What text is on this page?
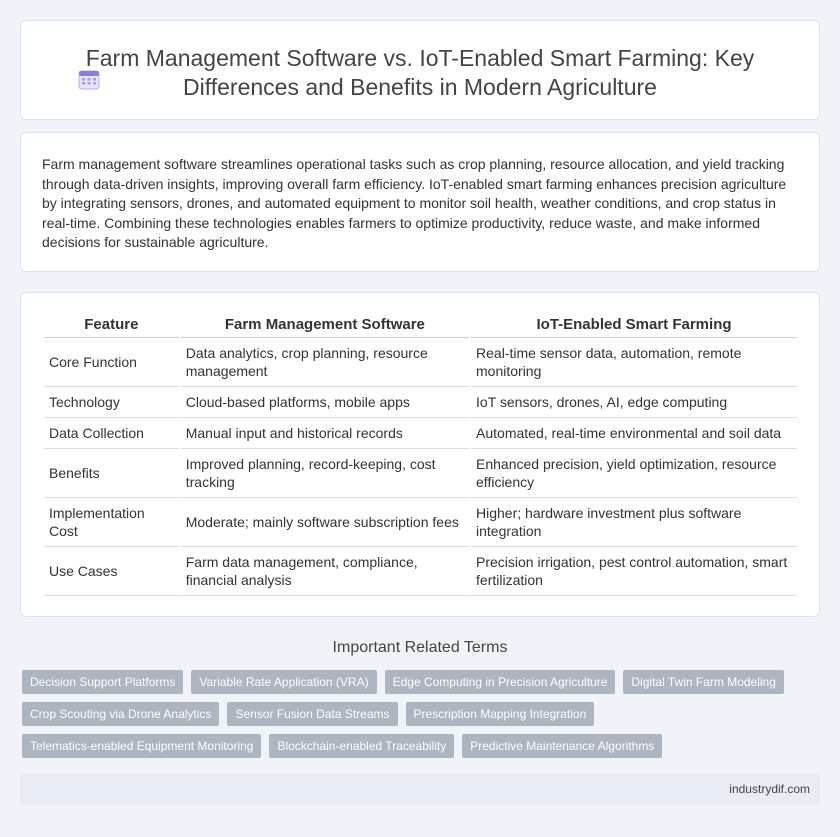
Farm Management Software vs. IoT-Enabled Smart Farming: Key
Differences and Benefits in Modern Agriculture

Farm management software streamlines operational tasks such as crop planning, resource allocation, and yield tracking through data-driven insights, improving overall farm efficiency. IoT-enabled smart farming enhances precision agriculture by integrating sensors, drones, and automated equipment to monitor soil health, weather conditions, and crop status in real-time. Combining these technologies enables farmers to optimize productivity, reduce waste, and make informed decisions for sustainable agriculture.

Feature	Farm Management Software	IoT-Enabled Smart Farming
Core Function	Data analytics, crop planning, resource management	Real-time sensor data, automation, remote monitoring
Technology	Cloud-based platforms, mobile apps	IoT sensors, drones, AI, edge computing
Data Collection	Manual input and historical records	Automated, real-time environmental and soil data
Benefits	Improved planning, record-keeping, cost tracking	Enhanced precision, yield optimization, resource efficiency
Implementation Cost	Moderate; mainly software subscription fees	Higher; hardware investment plus software integration
Use Cases	Farm data management, compliance, financial analysis	Precision irrigation, pest control automation, smart fertilization
Important Related Terms
Decision Support Platforms	Variable Rate Application (VRA)	Edge Computing in Precision Agriculture	Digital Twin Farm Modeling
Crop Scouting via Drone Analytics	Sensor Fusion Data Streams	Prescription Mapping Integration
Telematics-enabled Equipment Monitoring	Blockchain-enabled Traceability	Predictive Maintenance Algorithms
industrydif.com
